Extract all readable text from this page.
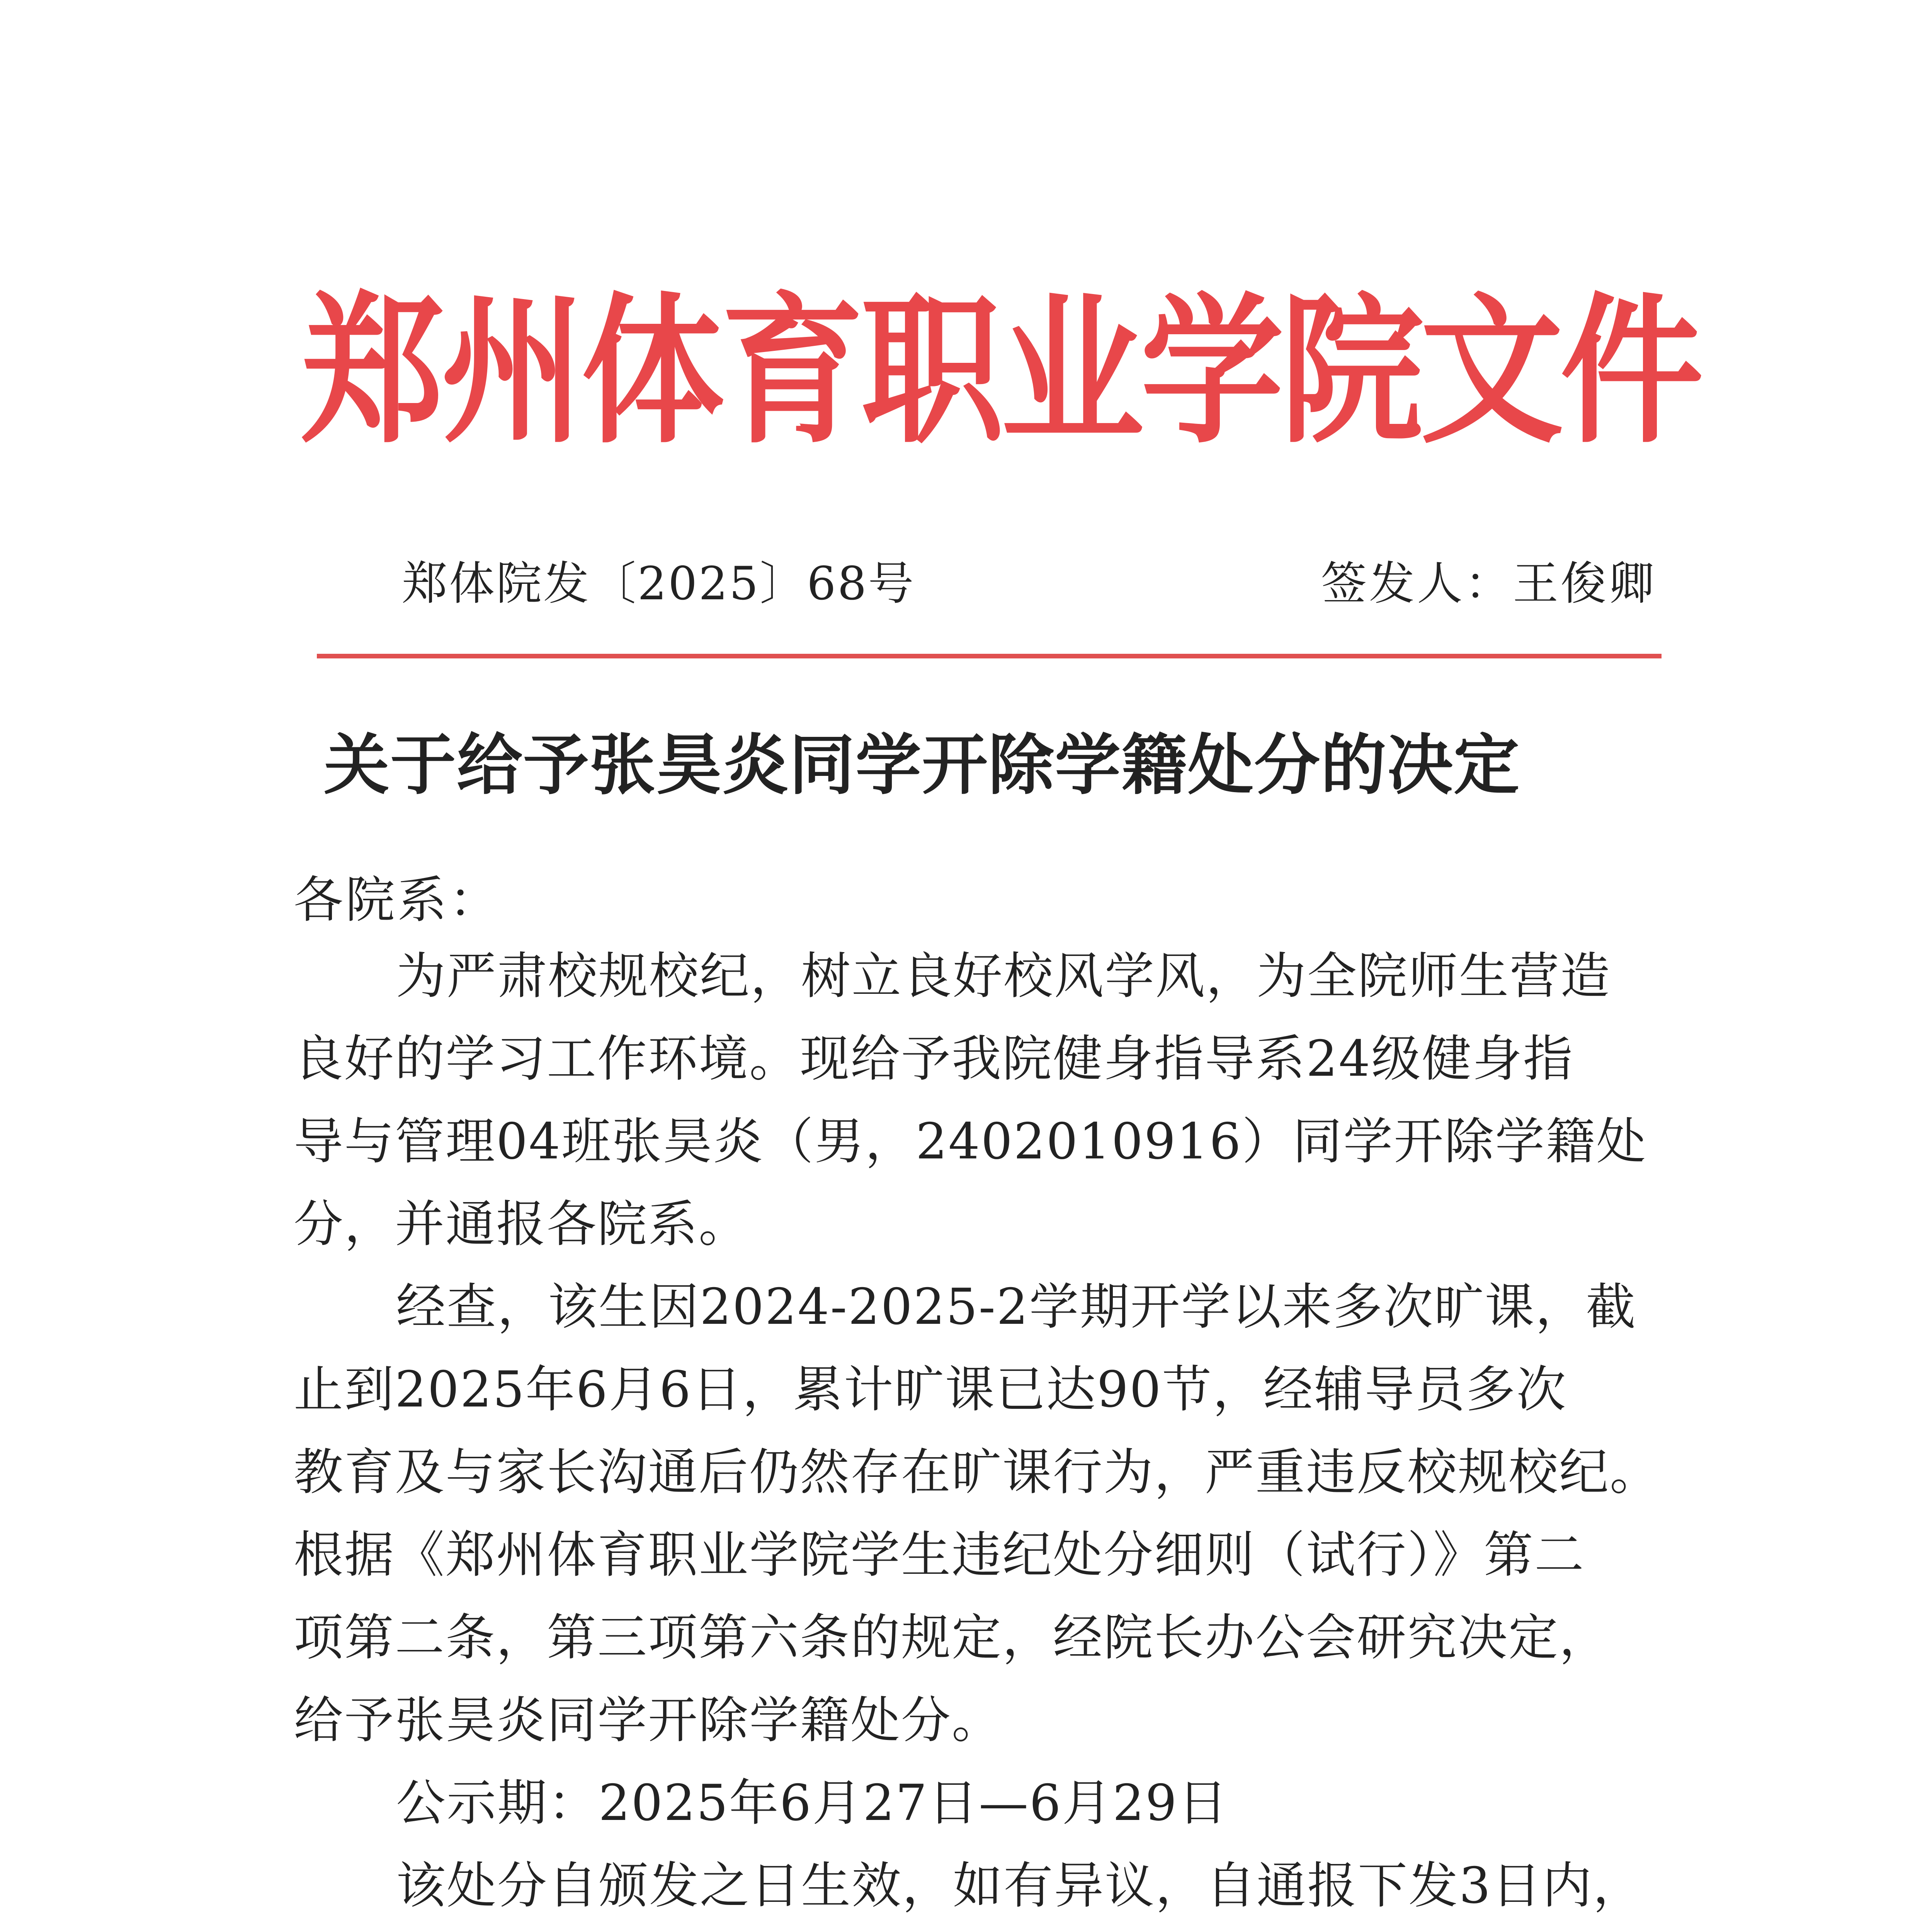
郑州体育职业学院文件
郑体院发〔2025〕68号	签发人：王俊卿
关于给予张昊炎同学开除学籍处分的决定
各院系：
为严肃校规校纪，树立良好校风学风，为全院师生营造
良好的学习工作环境。现给予我院健身指导系24级健身指
导与管理04班张昊炎（男，2402010916）同学开除学籍处
分，并通报各院系。
经查，该生因2024-2025-2学期开学以来多次旷课，截
止到2025年6月6日，累计旷课已达90节，经辅导员多次
教育及与家长沟通后仍然存在旷课行为，严重违反校规校纪。
根据《郑州体育职业学院学生违纪处分细则（试行）》第二
项第二条，第三项第六条的规定，经院长办公会研究决定，
给予张昊炎同学开除学籍处分。
公示期：2025年6月27日—6月29日
该处分自颁发之日生效，如有异议，自通报下发3日内，
